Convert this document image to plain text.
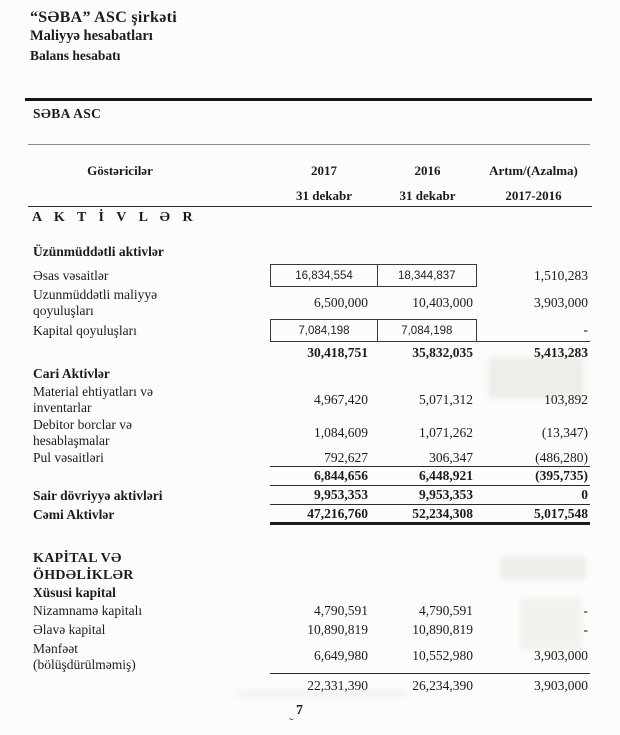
“SƏBA” ASC şirkəti
Maliyyə hesabatları
Balans hesabatı
SƏBA ASC
Göstəricilər	2017	2016	Artım/(Azalma)
31 dekabr	31 dekabr	2017-2016
A K T İ V L Ə R
Üzünmüddətli aktivlər
Əsas vəsaitlər	16,834,554	18,344,837	1,510,283
Uzunmüddətli maliyyə
qoyuluşları
6,500,000	10,403,000	3,903,000
Kapital qoyuluşları	7,084,198	7,084,198	-
30,418,751	35,832,035	5,413,283
Cari Aktivlər
Material ehtiyatları və
inventarlar
4,967,420	5,071,312	103,892
Debitor borclar və
hesablaşmalar
1,084,609	1,071,262	(13,347)
Pul vəsaitləri	792,627	306,347	(486,280)
6,844,656	6,448,921	(395,735)
Sair dövriyyə aktivləri	9,953,353	9,953,353	0
Cəmi Aktivlər	47,216,760	52,234,308	5,017,548
KAPİTAL VƏ
ÖHDƏLİKLƏR
Xüsusi kapital
Nizamnamə kapitalı	4,790,591	4,790,591	-
Əlavə kapital	10,890,819	10,890,819	-
Mənfəət
(bölüşdürülməmiş)
6,649,980	10,552,980	3,903,000
22,331,390	26,234,390	3,903,000
7
